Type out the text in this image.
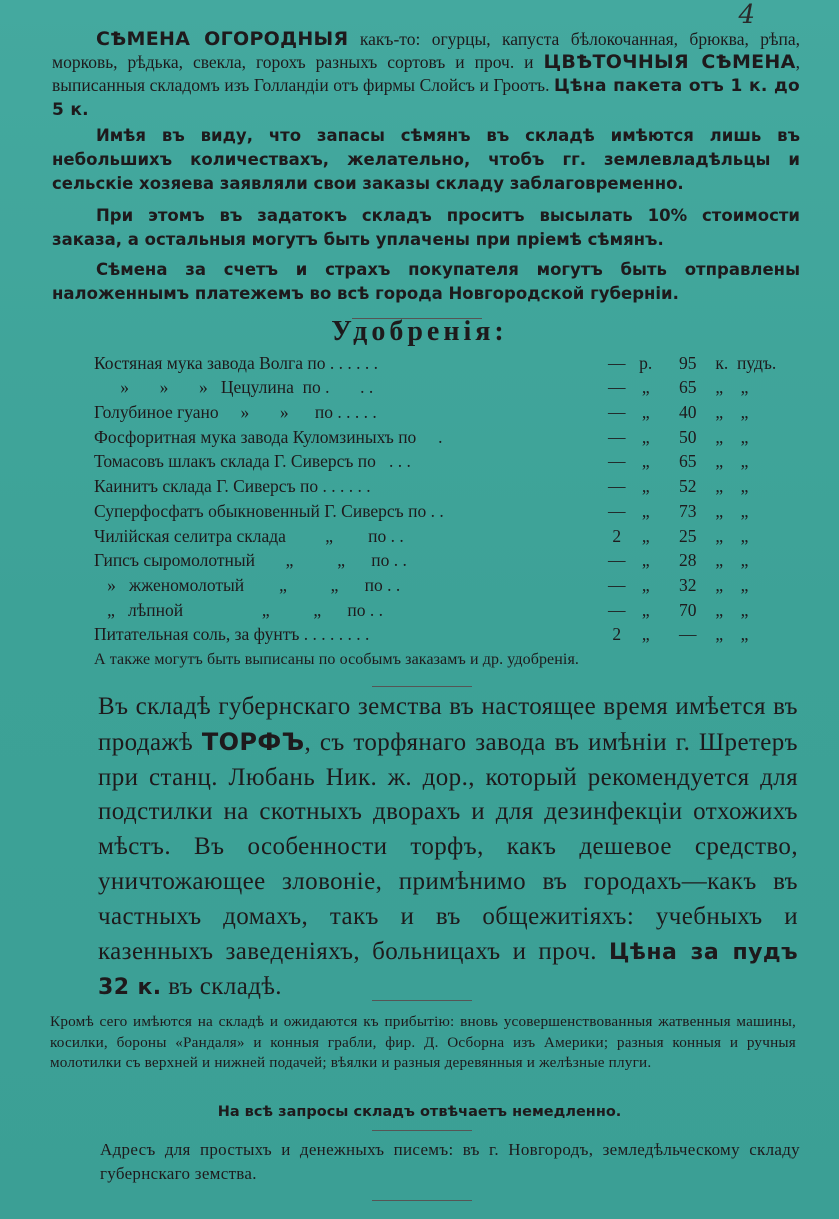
4
СѢМЕНА ОГОРОДНЫЯ какъ-то: огурцы, капуста бѣлокочанная, брюква, рѣпа, морковь, рѣдька, свекла, горохъ разныхъ сортовъ и проч. и ЦВѢТОЧНЫЯ СѢМЕНА, выписанныя складомъ изъ Голландіи отъ фирмы Слойсъ и Гроотъ. Цѣна пакета отъ 1 к. до 5 к.

Имѣя въ виду, что запасы сѣмянъ въ складѣ имѣются лишь въ небольшихъ количествахъ, желательно, чтобъ гг. землевладѣльцы и сельскіе хозяева заявляли свои заказы складу заблаговременно.

При этомъ въ задатокъ складъ проситъ высылать 10% стоимости заказа, а остальныя могутъ быть уплачены при пріемѣ сѣмянъ.

Сѣмена за счетъ и страхъ покупателя могутъ быть отправлены наложеннымъ платежемъ во всѣ города Новгородской губерніи.

Удобренія:
Костяная мука завода Волга по . . . . . .	—	р.	95	к.  пудъ.
»       »       »   Цецулина  по .       . .	—	„	65	„    „
Голубиное гуано     »       »      по . . . . .	—	„	40	„    „
Фосфоритная мука завода Куломзиныхъ по     .	—	„	50	„    „
Томасовъ шлакъ склада Г. Сиверсъ по   . . .	—	„	65	„    „
Каинитъ склада Г. Сиверсъ по . . . . . .	—	„	52	„    „
Суперфосфатъ обыкновенный Г. Сиверсъ по . .	—	„	73	„    „
Чилійская селитра склада         „        по . .	2	„	25	„    „
Гипсъ сыромолотный       „          „      по . .	—	„	28	„    „
»   жженомолотый        „          „      по . .	—	„	32	„    „
„   лѣпной                  „          „      по . .	—	„	70	„    „
Питательная соль, за фунтъ . . . . . . . .	2	„	—	„    „
А также могутъ быть выписаны по особымъ заказамъ и др. удобренія.
Въ складѣ губернскаго земства въ настоящее время имѣется въ продажѣ ТОРФЪ, съ торфянаго завода въ имѣніи г. Шретеръ при станц. Любань Ник. ж. дор., который рекомендуется для подстилки на скотныхъ дворахъ и для дезинфекціи отхожихъ мѣстъ. Въ особенности торфъ, какъ дешевое средство, уничтожающее зловоніе, примѣнимо въ городахъ—какъ въ частныхъ домахъ, такъ и въ общежитіяхъ: учебныхъ и казенныхъ заведеніяхъ, больницахъ и проч. Цѣна за пудъ 32 к. въ складѣ.

Кромѣ сего имѣются на складѣ и ожидаются къ прибытію: вновь усовершенствованныя жатвенныя машины, косилки, бороны «Рандаля» и конныя грабли, фир. Д. Осборна изъ Америки; разныя конныя и ручныя молотилки съ верхней и нижней подачей; вѣялки и разныя деревянныя и желѣзные плуги.

На всѣ запросы складъ отвѣчаетъ немедленно.

Адресъ для простыхъ и денежныхъ писемъ: въ г. Новгородъ, земледѣльческому складу губернскаго земства.
